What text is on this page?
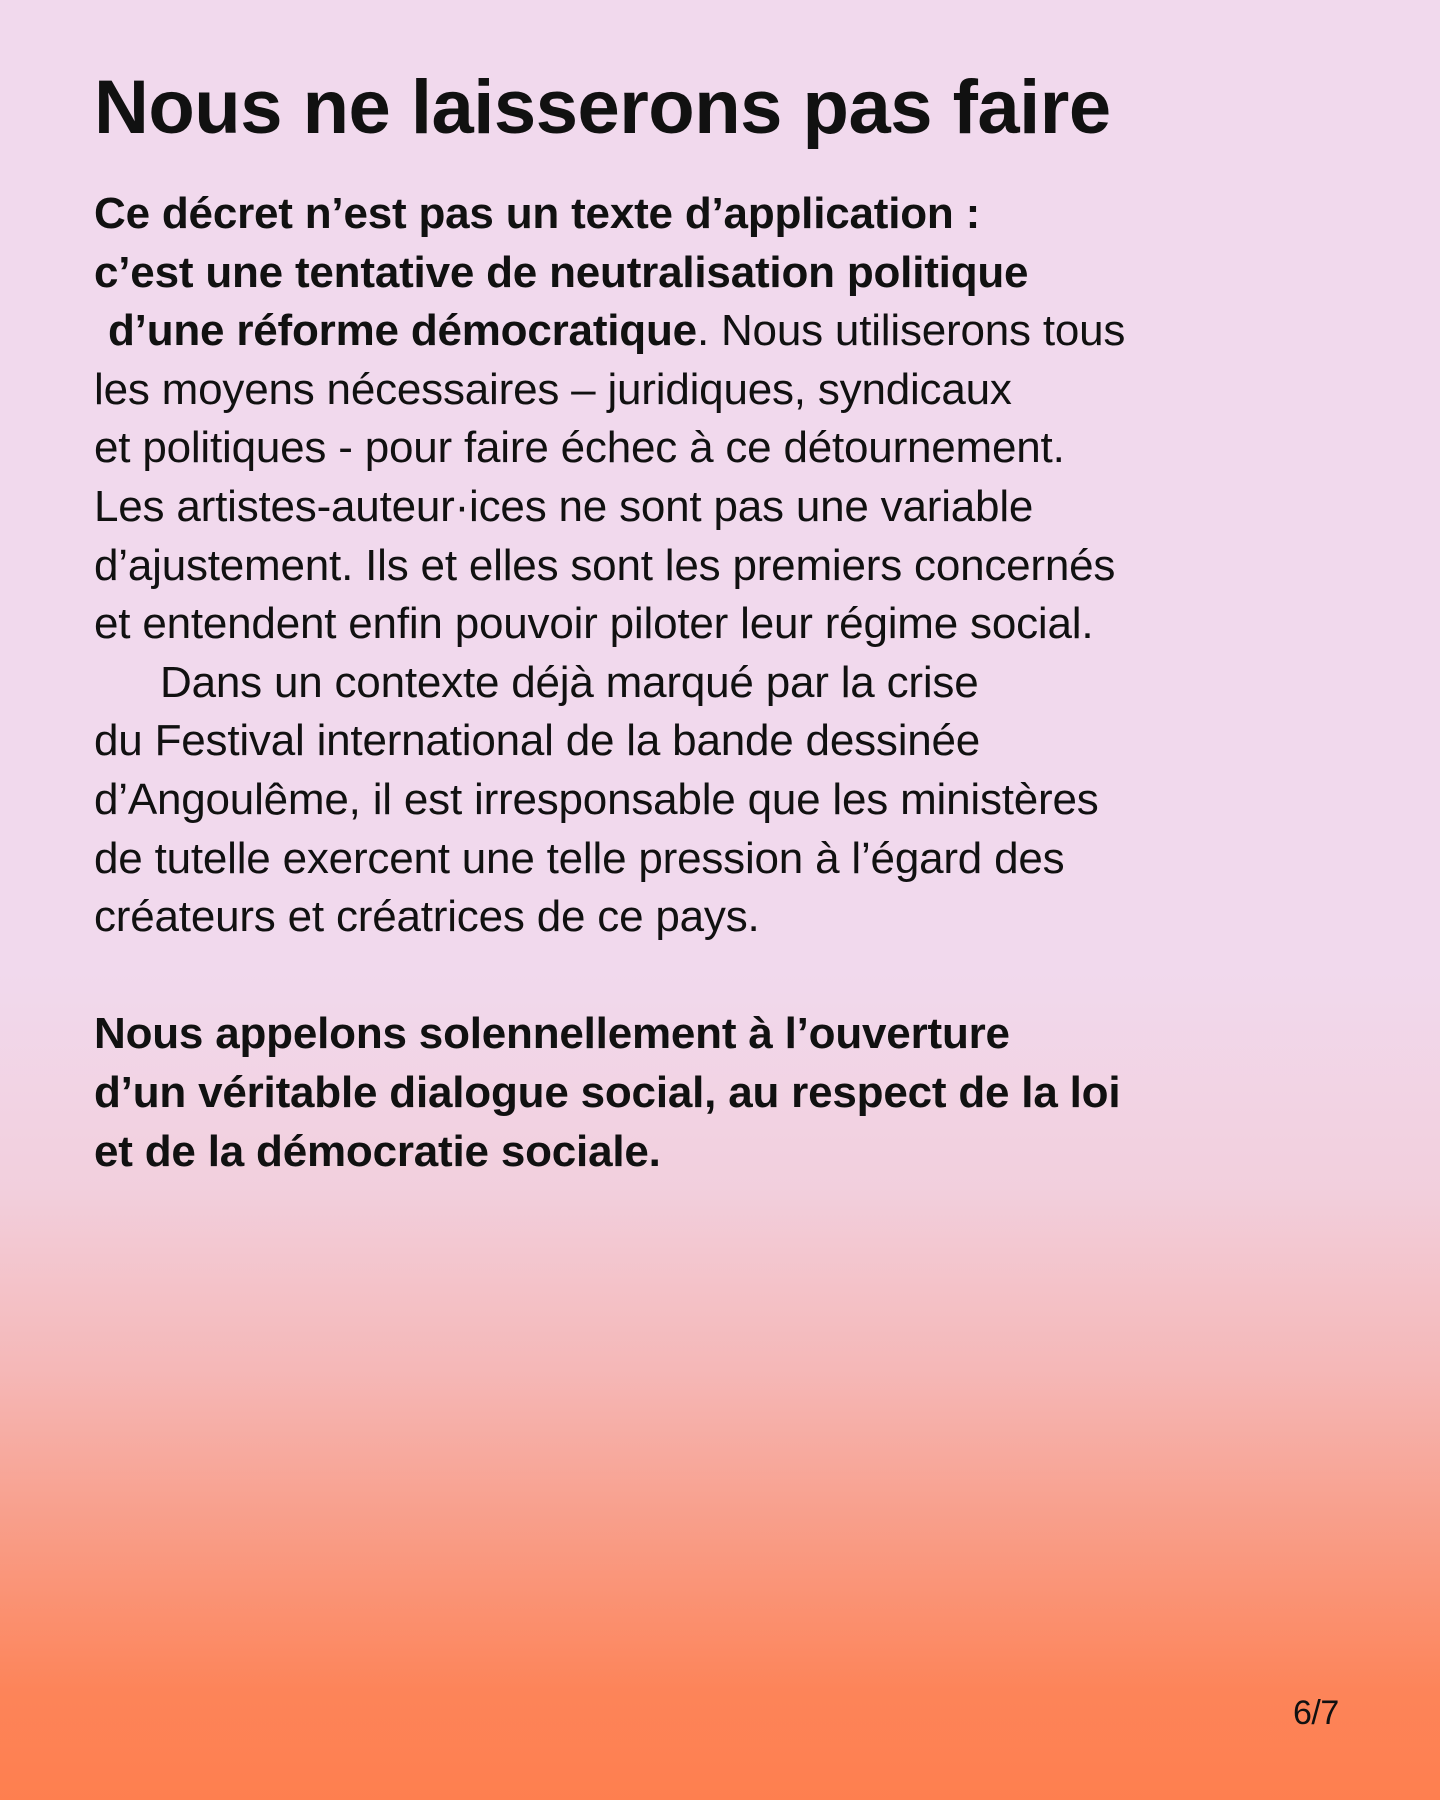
Nous ne laisserons pas faire
Ce décret n’est pas un texte d’application :
c’est une tentative de neutralisation politique
d’une réforme démocratique. Nous utiliserons tous
les moyens nécessaires – juridiques, syndicaux
et politiques - pour faire échec à ce détournement.
Les artistes-auteur·ices ne sont pas une variable
d’ajustement. Ils et elles sont les premiers concernés
et entendent enfin pouvoir piloter leur régime social.
Dans un contexte déjà marqué par la crise
du Festival international de la bande dessinée
d’Angoulême, il est irresponsable que les ministères
de tutelle exercent une telle pression à l’égard des
créateurs et créatrices de ce pays.
Nous appelons solennellement à l’ouverture
d’un véritable dialogue social, au respect de la loi
et de la démocratie sociale.
6/7
